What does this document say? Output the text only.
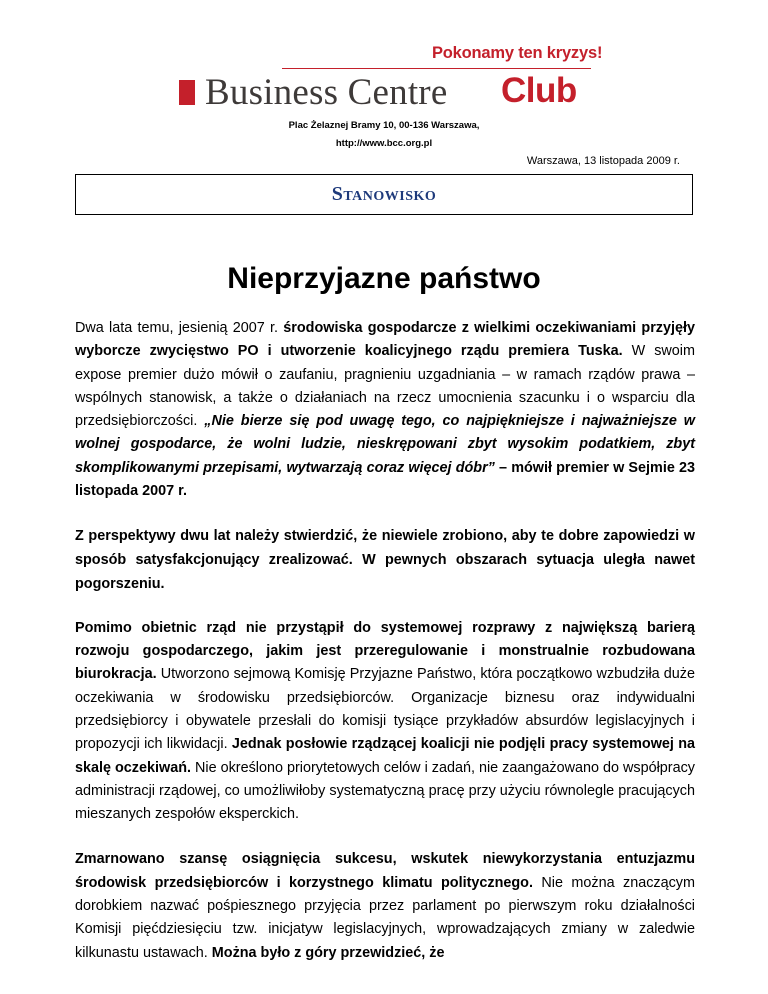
Pokonamy ten kryzys!
Business Centre Club
Plac Żelaznej Bramy 10, 00-136 Warszawa,
http://www.bcc.org.pl
Warszawa, 13 listopada 2009 r.
Stanowisko
Nieprzyjazne państwo

Dwa lata temu, jesienią 2007 r. środowiska gospodarcze z wielkimi oczekiwaniami przyjęły wyborcze zwycięstwo PO i utworzenie koalicyjnego rządu premiera Tuska. W swoim expose premier dużo mówił o zaufaniu, pragnieniu uzgadniania – w ramach rządów prawa – wspólnych stanowisk, a także o działaniach na rzecz umocnienia szacunku i o wsparciu dla przedsiębiorczości. „Nie bierze się pod uwagę tego, co najpiękniejsze i najważniejsze w wolnej gospodarce, że wolni ludzie, nieskrępowani zbyt wysokim podatkiem, zbyt skomplikowanymi przepisami, wytwarzają coraz więcej dóbr” – mówił premier w Sejmie 23 listopada 2007 r.

Z perspektywy dwu lat należy stwierdzić, że niewiele zrobiono, aby te dobre zapowiedzi w sposób satysfakcjonujący zrealizować. W pewnych obszarach sytuacja uległa nawet pogorszeniu.

Pomimo obietnic rząd nie przystąpił do systemowej rozprawy z największą barierą rozwoju gospodarczego, jakim jest przeregulowanie i monstrualnie rozbudowana biurokracja. Utworzono sejmową Komisję Przyjazne Państwo, która początkowo wzbudziła duże oczekiwania w środowisku przedsiębiorców. Organizacje biznesu oraz indywidualni przedsiębiorcy i obywatele przesłali do komisji tysiące przykładów absurdów legislacyjnych i propozycji ich likwidacji. Jednak posłowie rządzącej koalicji nie podjęli pracy systemowej na skalę oczekiwań. Nie określono priorytetowych celów i zadań, nie zaangażowano do współpracy administracji rządowej, co umożliwiłoby systematyczną pracę przy użyciu równolegle pracujących mieszanych zespołów eksperckich.

Zmarnowano szansę osiągnięcia sukcesu, wskutek niewykorzystania entuzjazmu środowisk przedsiębiorców i korzystnego klimatu politycznego. Nie można znaczącym dorobkiem nazwać pośpiesznego przyjęcia przez parlament po pierwszym roku działalności Komisji pięćdziesięciu tzw. inicjatyw legislacyjnych, wprowadzających zmiany w zaledwie kilkunastu ustawach. Można było z góry przewidzieć, że
